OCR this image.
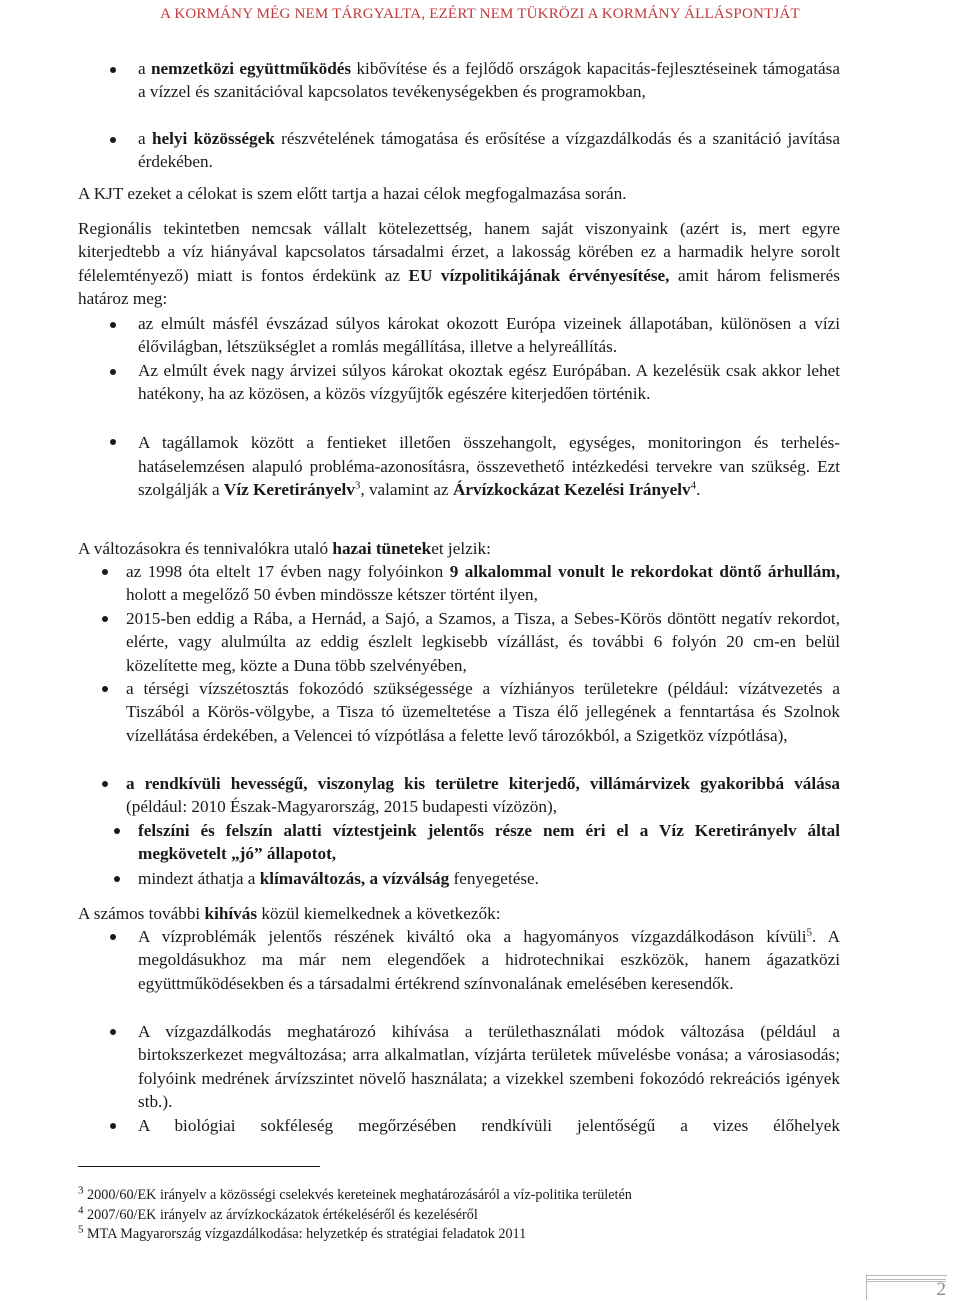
A KORMÁNY MÉG NEM TÁRGYALTA, EZÉRT NEM TÜKRÖZI A KORMÁNY ÁLLÁSPONTJÁT
a nemzetközi együttműködés kibővítése és a fejlődő országok kapacitás-fejlesztéseinek támogatása a vízzel és szanitációval kapcsolatos tevékenységekben és programokban,
a helyi közösségek részvételének támogatása és erősítése a vízgazdálkodás és a szanitáció javítása érdekében.
A KJT ezeket a célokat is szem előtt tartja a hazai célok megfogalmazása során.
Regionális tekintetben nemcsak vállalt kötelezettség, hanem saját viszonyaink (azért is, mert egyre kiterjedtebb a víz hiányával kapcsolatos társadalmi érzet, a lakosság körében ez a harmadik helyre sorolt félelemtényező) miatt is fontos érdekünk az EU vízpolitikájának érvényesítése, amit három felismerés határoz meg:
az elmúlt másfél évszázad súlyos károkat okozott Európa vizeinek állapotában, különösen a vízi élővilágban, létszükséglet a romlás megállítása, illetve a helyreállítás.
Az elmúlt évek nagy árvizei súlyos károkat okoztak egész Európában. A kezelésük csak akkor lehet hatékony, ha az közösen, a közös vízgyűjtők egészére kiterjedően történik.
A tagállamok között a fentieket illetően összehangolt, egységes, monitoringon és terhelés-hatáselemzésen alapuló probléma-azonosításra, összevethető intézkedési tervekre van szükség. Ezt szolgálják a Víz Keretirányelv$^3$, valamint az Árvízkockázat Kezelési Irányelv$^4$.
A változásokra és tennivalókra utaló hazai tüneteket jelzik:
az 1998 óta eltelt 17 évben nagy folyóinkon 9 alkalommal vonult le rekordokat döntő árhullám, holott a megelőző 50 évben mindössze kétszer történt ilyen,
2015-ben eddig a Rába, a Hernád, a Sajó, a Szamos, a Tisza, a Sebes-Körös döntött negatív rekordot, elérte, vagy alulmúlta az eddig észlelt legkisebb vízállást, és további 6 folyón 20 cm-en belül közelítette meg, közte a Duna több szelvényében,
a térségi vízszétosztás fokozódó szükségessége a vízhiányos területekre (például: vízátvezetés a Tiszából a Körös-völgybe, a Tisza tó üzemeltetése a Tisza élő jellegének a fenntartása és Szolnok vízellátása érdekében, a Velencei tó vízpótlása a felette levő tározókból, a Szigetköz vízpótlása),
a rendkívüli hevességű, viszonylag kis területre kiterjedő, villámárvizek gyakoribbá válása (például: 2010 Észak-Magyarország, 2015 budapesti vízözön),
felszíni és felszín alatti víztestjeink jelentős része nem éri el a Víz Keretirányelv által megkövetelt „jó” állapotot,
mindezt áthatja a klímaváltozás, a vízválság fenyegetése.
A számos további kihívás közül kiemelkednek a következők:
A vízproblémák jelentős részének kiváltó oka a hagyományos vízgazdálkodáson kívüli$^5$. A megoldásukhoz ma már nem elegendőek a hidrotechnikai eszközök, hanem ágazatközi együttműködésekben és a társadalmi értékrend színvonalának emelésében keresendők.
A vízgazdálkodás meghatározó kihívása a területhasználati módok változása (például a birtokszerkezet megváltozása; arra alkalmatlan, vízjárta területek művelésbe vonása; a városiasodás; folyóink medrének árvízszintet növelő használata; a vizekkel szembeni fokozódó rekreációs igények stb.).
A biológiai sokféleség megőrzésében rendkívüli jelentőségű a vizes élőhelyek
$^3$ 2000/60/EK irányelv a közösségi cselekvés kereteinek meghatározásáról a víz-politika területén
$^4$ 2007/60/EK irányelv az árvízkockázatok értékeléséről és kezeléséről
$^5$ MTA Magyarország vízgazdálkodása: helyzetkép és stratégiai feladatok 2011
2
